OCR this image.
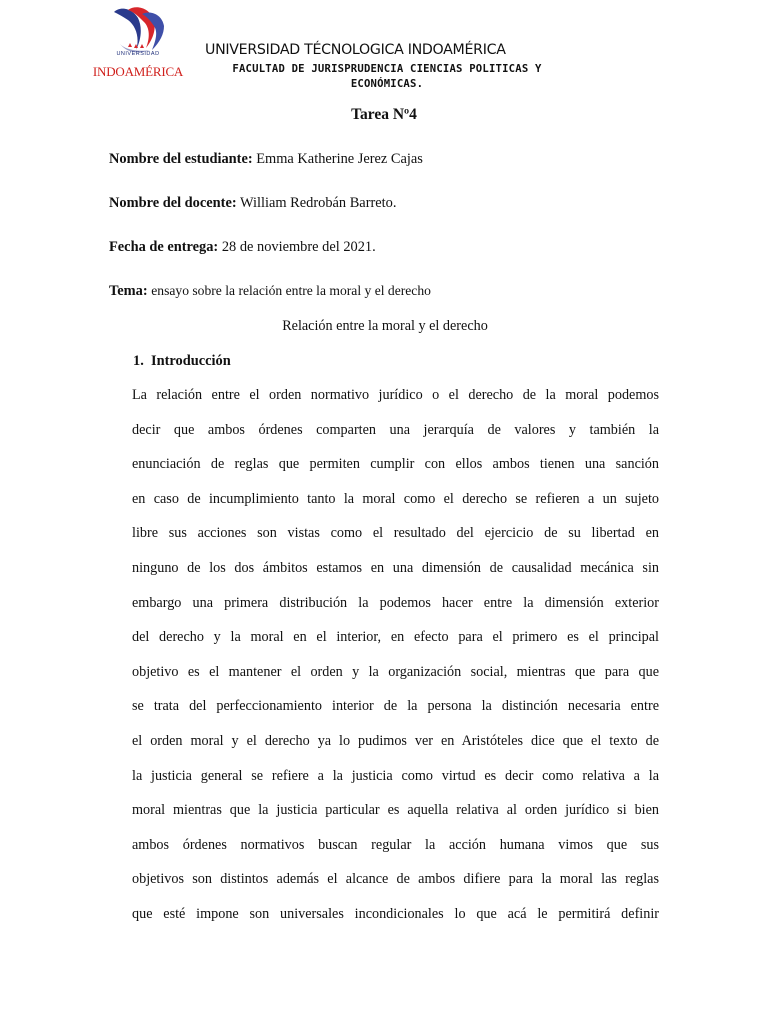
UNIVERSIDAD
INDOAMÉRICA
UNIVERSIDAD TÉCNOLOGICA INDOAMÉRICA
FACULTAD DE JURISPRUDENCIA CIENCIAS POLITICAS Y
ECONÓMICAS.
Tarea Nº4
Nombre del estudiante: Emma Katherine Jerez Cajas
Nombre del docente: William Redrobán Barreto.
Fecha de entrega: 28 de noviembre del 2021.
Tema: ensayo sobre la relación entre la moral y el derecho
Relación entre la moral y el derecho
1. Introducción
La relación entre el orden normativo jurídico o el derecho de la moral podemos
decir que ambos órdenes comparten una jerarquía de valores y también la
enunciación de reglas que permiten cumplir con ellos ambos tienen una sanción
en caso de incumplimiento tanto la moral como el derecho se refieren a un sujeto
libre sus acciones son vistas como el resultado del ejercicio de su libertad en
ninguno de los dos ámbitos estamos en una dimensión de causalidad mecánica sin
embargo una primera distribución la podemos hacer entre la dimensión exterior
del derecho y la moral en el interior, en efecto para el primero es el principal
objetivo es el mantener el orden y la organización social, mientras que para que
se trata del perfeccionamiento interior de la persona la distinción necesaria entre
el orden moral y el derecho ya lo pudimos ver en Aristóteles dice que el texto de
la justicia general se refiere a la justicia como virtud es decir como relativa a la
moral mientras que la justicia particular es aquella relativa al orden jurídico si bien
ambos órdenes normativos buscan regular la acción humana vimos que sus
objetivos son distintos además el alcance de ambos difiere para la moral las reglas
que esté impone son universales incondicionales lo que acá le permitirá definir
